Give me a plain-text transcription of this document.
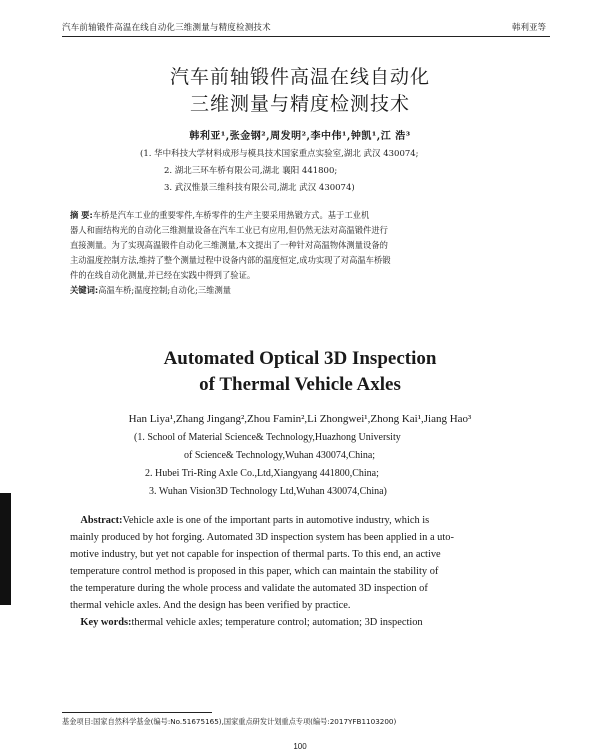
汽车前轴锻件高温在线自动化三维测量与精度检测技术	韩利亚等
汽车前轴锻件高温在线自动化
三维测量与精度检测技术
韩利亚¹,张金钢²,周发明²,李中伟¹,钟凯¹,江 浩³
(1. 华中科技大学材料成形与模具技术国家重点实验室,湖北 武汉 430074;
2. 湖北三环车桥有限公司,湖北 襄阳 441800;
3. 武汉惟景三维科技有限公司,湖北 武汉 430074)
摘 要:车桥是汽车工业的重要零件,车桥零件的生产主要采用热锻方式。基于工业机
器人和面结构光的自动化三维测量设备在汽车工业已有应用,但仍然无法对高温锻件进行
直接测量。为了实现高温锻件自动化三维测量,本文提出了一种针对高温物体测量设备的
主动温度控制方法,维持了整个测量过程中设备内部的温度恒定,成功实现了对高温车桥锻
件的在线自动化测量,并已经在实践中得到了验证。
关键词:高温车桥;温度控制;自动化;三维测量
Automated Optical 3D Inspection
of Thermal Vehicle Axles
Han Liya¹,Zhang Jingang²,Zhou Famin²,Li Zhongwei¹,Zhong Kai¹,Jiang Hao³
(1. School of Material Science& Technology,Huazhong University
of Science& Technology,Wuhan 430074,China;
2. Hubei Tri-Ring Axle Co.,Ltd,Xiangyang 441800,China;
3. Wuhan Vision3D Technology Ltd,Wuhan 430074,China)
Abstract:Vehicle axle is one of the important parts in automotive industry, which is
mainly produced by hot forging. Automated 3D inspection system has been applied in a uto-
motive industry, but yet not capable for inspection of thermal parts. To this end, an active
temperature control method is proposed in this paper, which can maintain the stability of
the temperature during the whole process and validate the automated 3D inspection of
thermal vehicle axles. And the design has been verified by practice.
Key words:thermal vehicle axles; temperature control; automation; 3D inspection
基金项目:国家自然科学基金(编号:No.51675165),国家重点研发计划重点专项(编号:2017YFB1103200)
100
